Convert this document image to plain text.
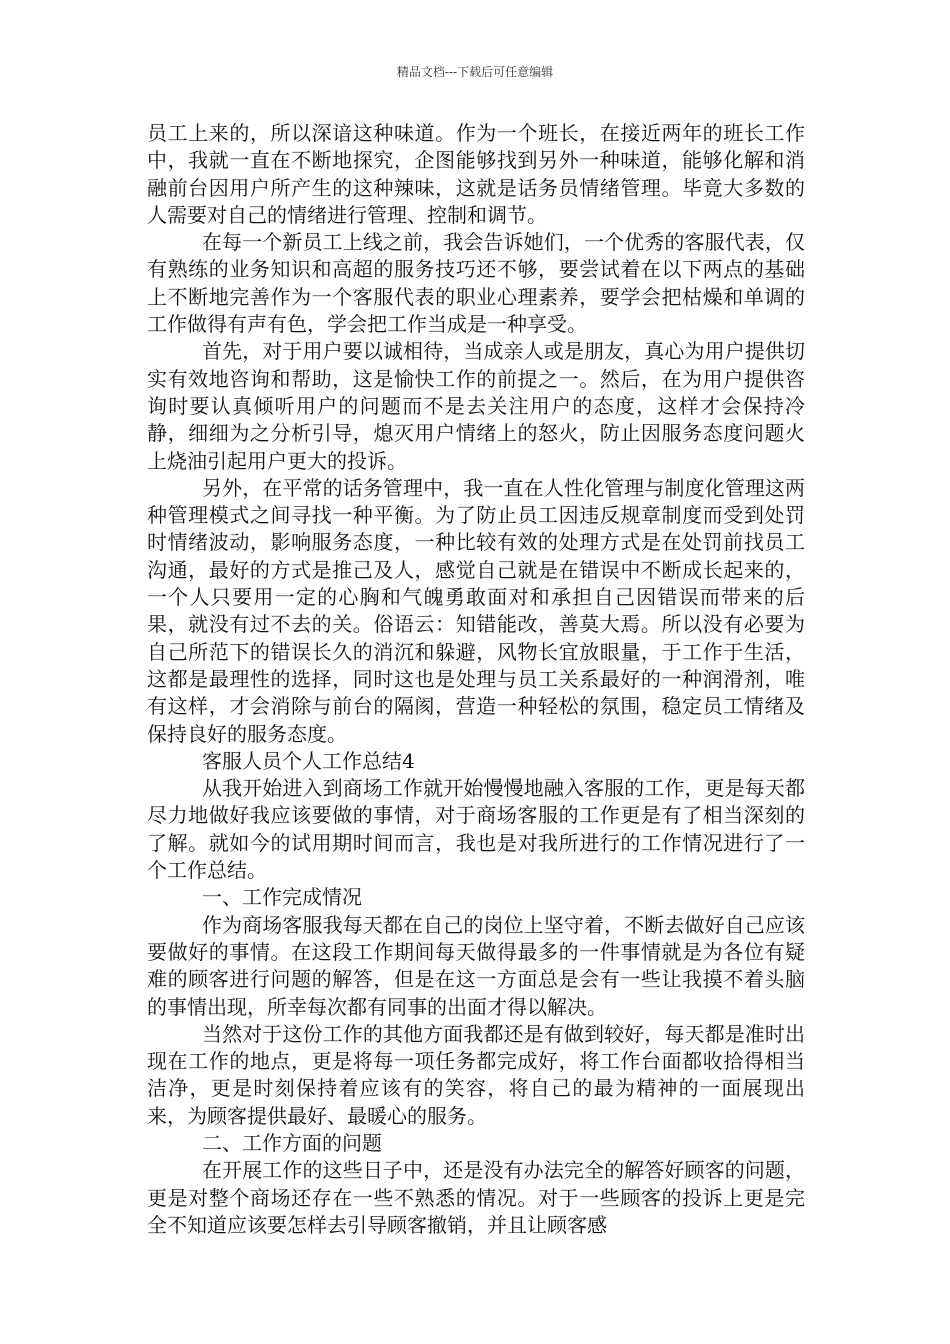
精品文档---下载后可任意编辑

员工上来的，所以深谙这种味道。作为一个班长，在接近两年的班长工作中，我就一直在不断地探究，企图能够找到另外一种味道，能够化解和消融前台因用户所产生的这种辣味，这就是话务员情绪管理。毕竟大多数的人需要对自己的情绪进行管理、控制和调节。

在每一个新员工上线之前，我会告诉她们，一个优秀的客服代表，仅有熟练的业务知识和高超的服务技巧还不够，要尝试着在以下两点的基础上不断地完善作为一个客服代表的职业心理素养，要学会把枯燥和单调的工作做得有声有色，学会把工作当成是一种享受。

首先，对于用户要以诚相待，当成亲人或是朋友，真心为用户提供切实有效地咨询和帮助，这是愉快工作的前提之一。然后，在为用户提供咨询时要认真倾听用户的问题而不是去关注用户的态度，这样才会保持冷静，细细为之分析引导，熄灭用户情绪上的怒火，防止因服务态度问题火上烧油引起用户更大的投诉。

另外，在平常的话务管理中，我一直在人性化管理与制度化管理这两种管理模式之间寻找一种平衡。为了防止员工因违反规章制度而受到处罚时情绪波动，影响服务态度，一种比较有效的处理方式是在处罚前找员工沟通，最好的方式是推己及人，感觉自己就是在错误中不断成长起来的，一个人只要用一定的心胸和气魄勇敢面对和承担自己因错误而带来的后果，就没有过不去的关。俗语云：知错能改，善莫大焉。所以没有必要为自己所范下的错误长久的消沉和躲避，风物长宜放眼量，于工作于生活，这都是最理性的选择，同时这也是处理与员工关系最好的一种润滑剂，唯有这样，才会消除与前台的隔阂，营造一种轻松的氛围，稳定员工情绪及保持良好的服务态度。

客服人员个人工作总结4

从我开始进入到商场工作就开始慢慢地融入客服的工作，更是每天都尽力地做好我应该要做的事情，对于商场客服的工作更是有了相当深刻的了解。就如今的试用期时间而言，我也是对我所进行的工作情况进行了一个工作总结。

一、工作完成情况

作为商场客服我每天都在自己的岗位上坚守着，不断去做好自己应该要做好的事情。在这段工作期间每天做得最多的一件事情就是为各位有疑难的顾客进行问题的解答，但是在这一方面总是会有一些让我摸不着头脑的事情出现，所幸每次都有同事的出面才得以解决。

当然对于这份工作的其他方面我都还是有做到较好，每天都是准时出现在工作的地点，更是将每一项任务都完成好，将工作台面都收拾得相当洁净，更是时刻保持着应该有的笑容，将自己的最为精神的一面展现出来，为顾客提供最好、最暖心的服务。

二、工作方面的问题

在开展工作的这些日子中，还是没有办法完全的解答好顾客的问题，更是对整个商场还存在一些不熟悉的情况。对于一些顾客的投诉上更是完全不知道应该要怎样去引导顾客撤销，并且让顾客感
